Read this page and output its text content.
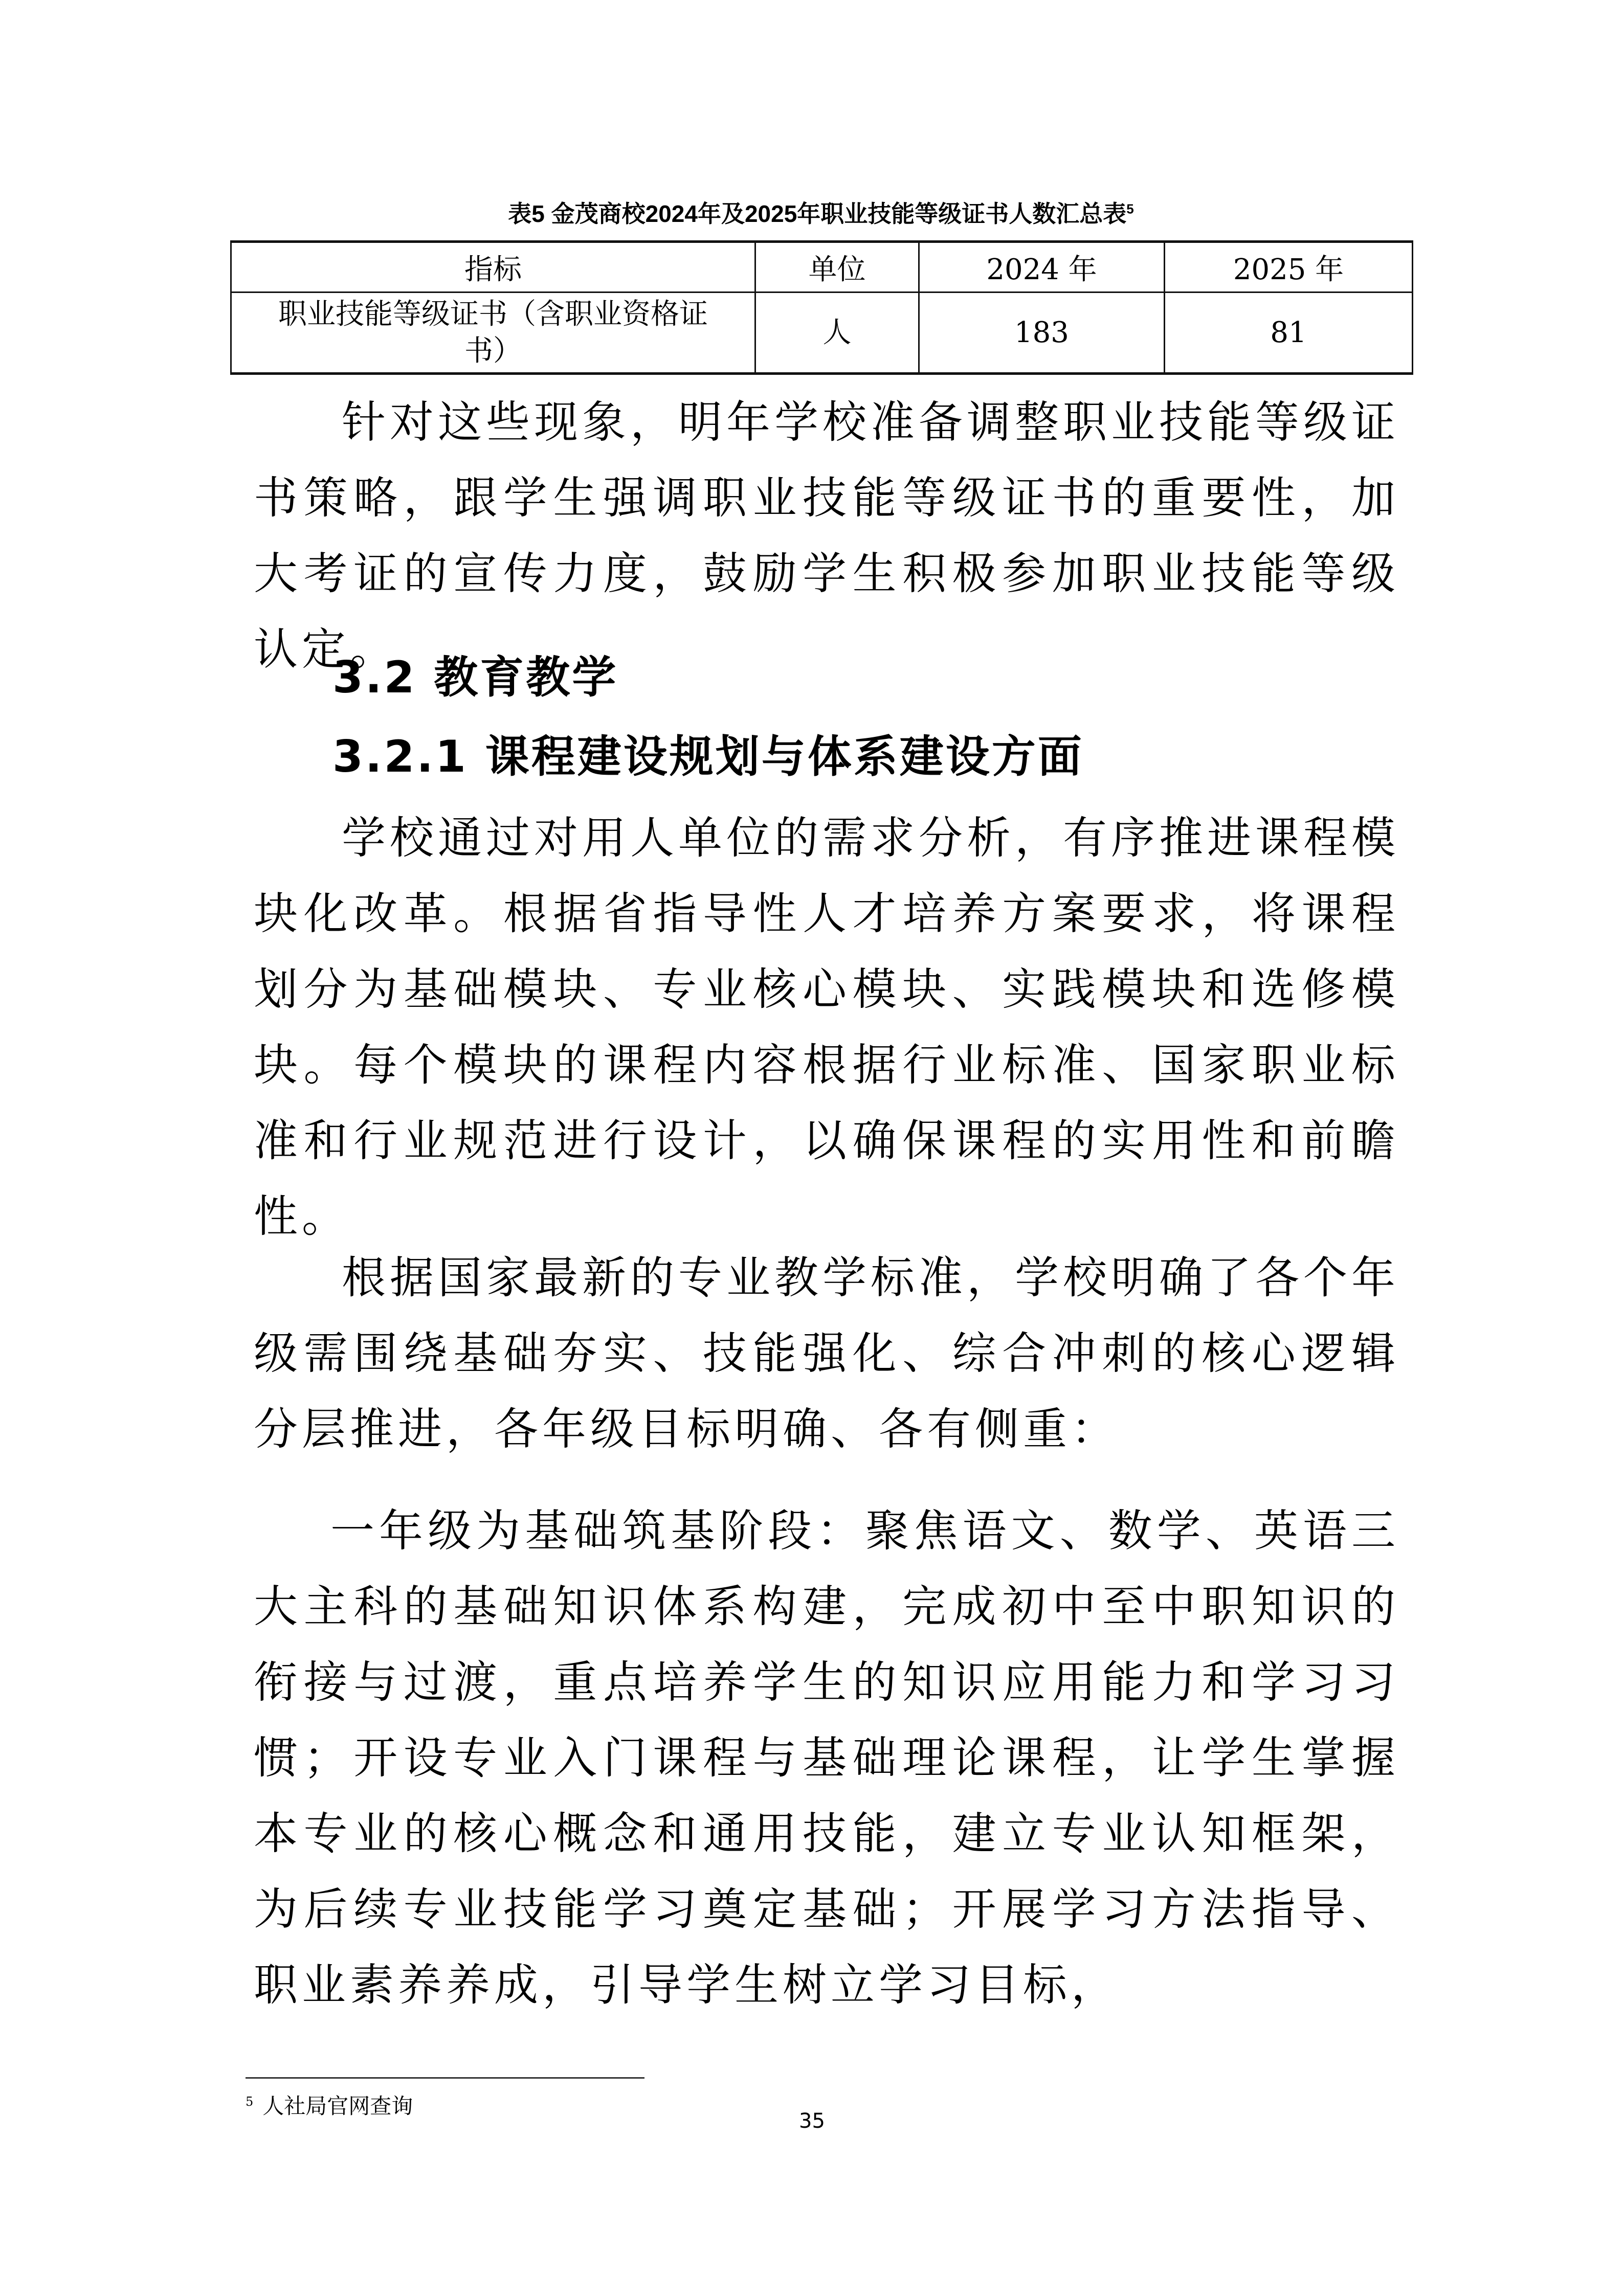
表5 金茂商校2024年及2025年职业技能等级证书人数汇总表$^5$
指标	单位	2024 年	2025 年
职业技能等级证书（含职业资格证书）	人	183	81

针对这些现象，明年学校准备调整职业技能等级证书策略，跟学生强调职业技能等级证书的重要性，加大考证的宣传力度，鼓励学生积极参加职业技能等级认定。

3.2 教育教学
3.2.1 课程建设规划与体系建设方面

学校通过对用人单位的需求分析，有序推进课程模块化改革。根据省指导性人才培养方案要求，将课程划分为基础模块、专业核心模块、实践模块和选修模块。每个模块的课程内容根据行业标准、国家职业标准和行业规范进行设计，以确保课程的实用性和前瞻性。

根据国家最新的专业教学标准，学校明确了各个年级需围绕基础夯实、技能强化、综合冲刺的核心逻辑分层推进，各年级目标明确、各有侧重：

一年级为基础筑基阶段：聚焦语文、数学、英语三大主科的基础知识体系构建，完成初中至中职知识的衔接与过渡，重点培养学生的知识应用能力和学习习惯；开设专业入门课程与基础理论课程，让学生掌握本专业的核心概念和通用技能，建立专业认知框架，为后续专业技能学习奠定基础；开展学习方法指导、职业素养养成，引导学生树立学习目标，

$^5$ 人社局官网查询
35
